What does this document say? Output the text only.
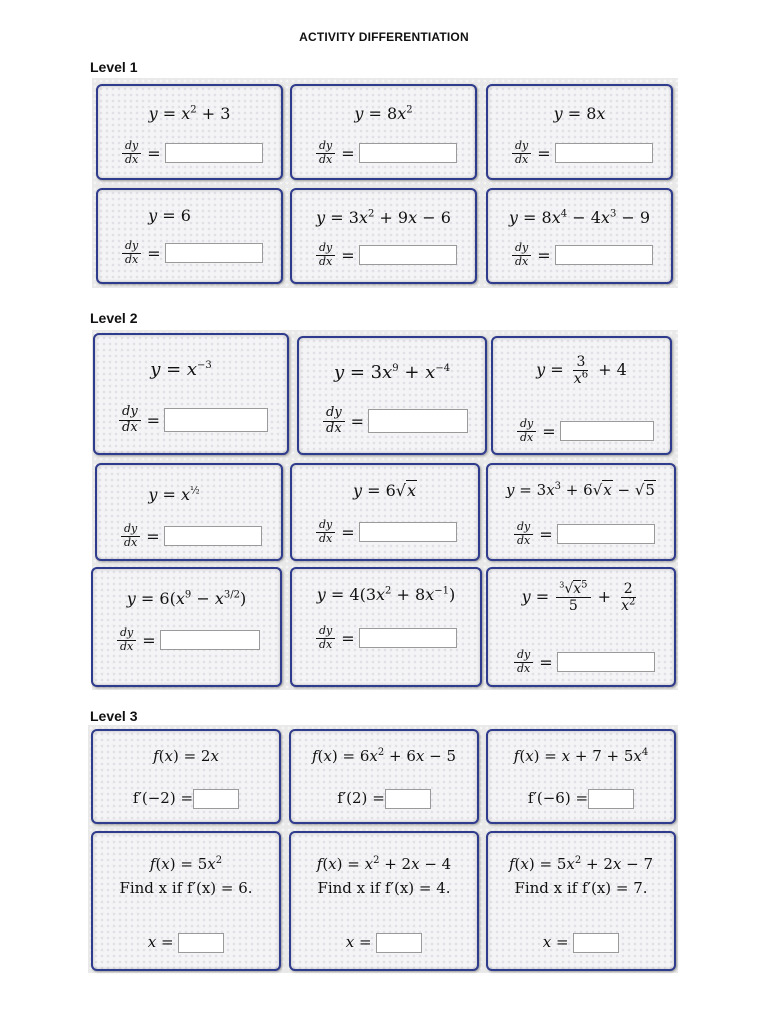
ACTIVITY DIFFERENTIATION
Level 1
$y = x^2 + 3$
$\frac{dy}{dx}$ =
$y = 8x^2$
$\frac{dy}{dx}$ =
y = 8x
$\frac{dy}{dx}$ =
y = 6
$\frac{dy}{dx}$ =
$y = 3x^2 + 9x - 6$
$\frac{dy}{dx}$ =
$y = 8x^4 - 4x^3 - 9$
$\frac{dy}{dx}$ =
Level 2
$y = x^{-3}$
$\frac{dy}{dx}$ =
$y = 3x^9 + x^{-4}$
$\frac{dy}{dx}$ =
$y = \frac{3}{x^6} + 4$
$\frac{dy}{dx}$ =
$y = x^{\frac{1}{2}}$
$\frac{dy}{dx}$ =
y = 6√x
$\frac{dy}{dx}$ =
$y = 3x^3 + 6√x - √5$
$\frac{dy}{dx}$ =
$y = 6(x^9 - x^{3/2})$
$\frac{dy}{dx}$ =
$y = 4(3x^2 + 8x^{-1})$
$\frac{dy}{dx}$ =
$y = \frac{^3√x^5}{5} + \frac{2}{x^2}$
$\frac{dy}{dx}$ =
Level 3
f(x) = 2x
f′(−2) =
$f(x) = 6x^2 + 6x - 5$
f′(2) =
$f(x) = x + 7 + 5x^4$
f′(−6) =
$f(x) = 5x^2$
Find x if f′(x) = 6.
x =
$f(x) = x^2 + 2x - 4$
Find x if f′(x) = 4.
x =
$f(x) = 5x^2 + 2x - 7$
Find x if f′(x) = 7.
x =
